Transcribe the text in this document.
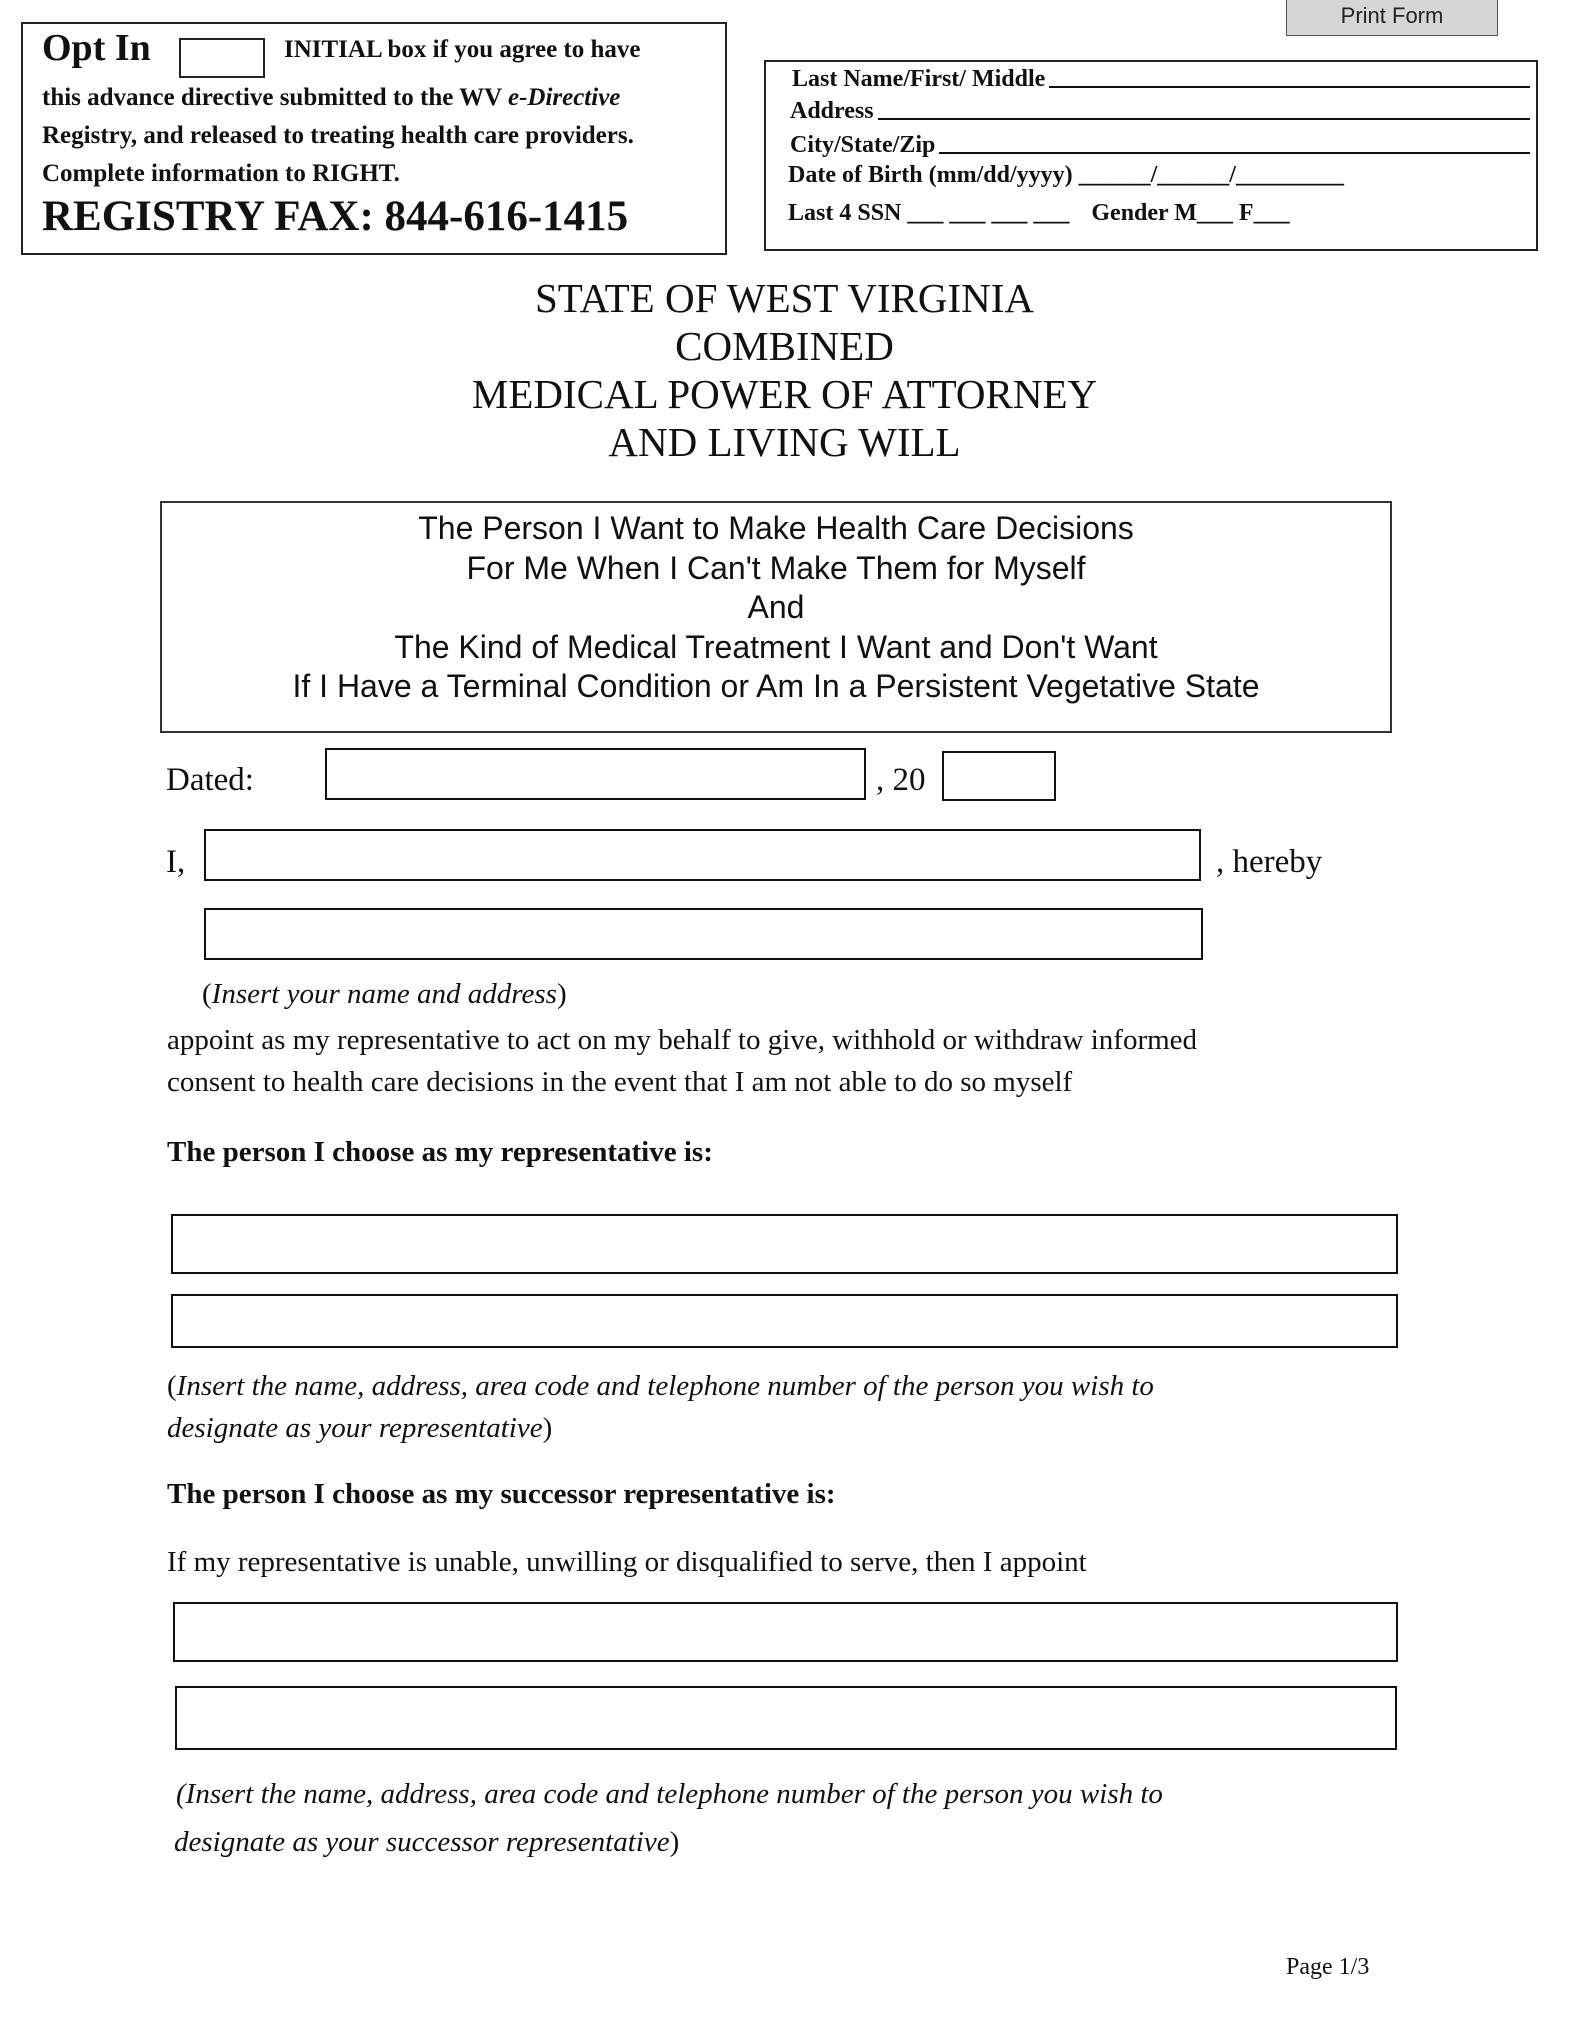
Print Form
Opt In	INITIAL box if you agree to have
this advance directive submitted to the WV e-Directive
Registry, and released to treating health care providers.
Complete information to RIGHT.
REGISTRY FAX: 844-616-1415
Last Name/First/ Middle
Address
City/State/Zip
Date of Birth (mm/dd/yyyy) ______/______/_________
Last 4 SSN ___ ___ ___ ___ Gender M___ F___
STATE OF WEST VIRGINIA
COMBINED
MEDICAL POWER OF ATTORNEY
AND LIVING WILL
The Person I Want to Make Health Care Decisions
For Me When I Can't Make Them for Myself
And
The Kind of Medical Treatment I Want and Don't Want
If I Have a Terminal Condition or Am In a Persistent Vegetative State
Dated:	, 20
I,	, hereby
(Insert your name and address)
appoint as my representative to act on my behalf to give, withhold or withdraw informed
consent to health care decisions in the event that I am not able to do so myself
The person I choose as my representative is:
(Insert the name, address, area code and telephone number of the person you wish to
designate as your representative)
The person I choose as my successor representative is:
If my representative is unable, unwilling or disqualified to serve, then I appoint
(Insert the name, address, area code and telephone number of the person you wish to
designate as your successor representative)
Page 1/3
